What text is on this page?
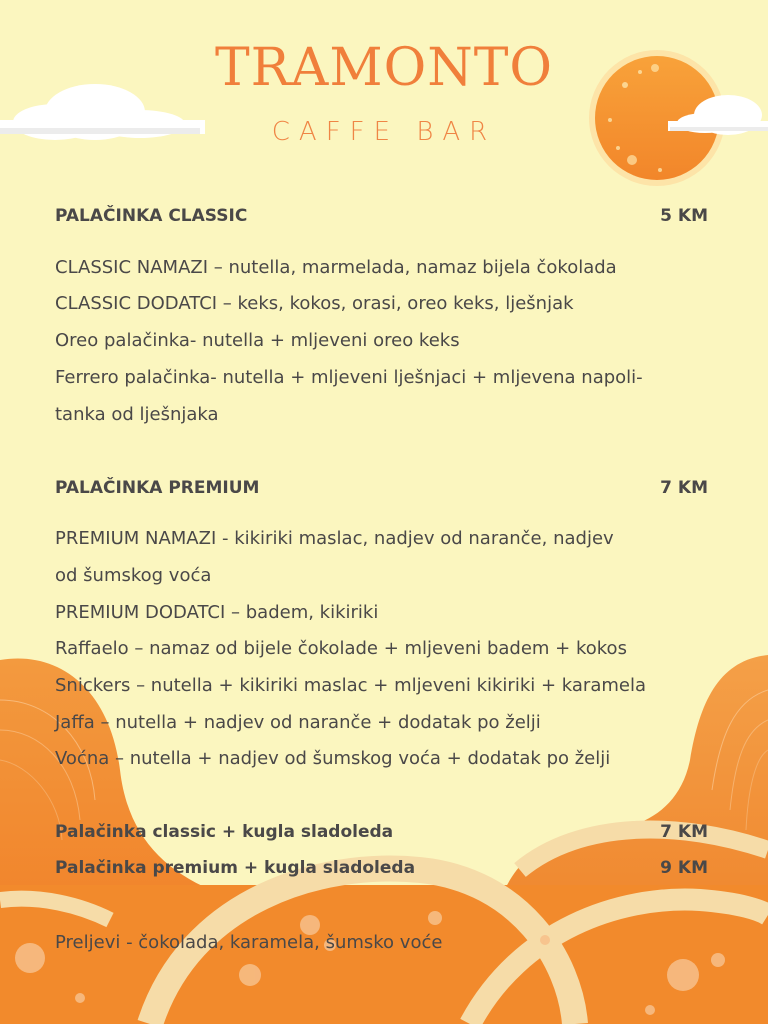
TRAMONTO
CAFFE BAR
PALAČINKA CLASSIC	5 KM
CLASSIC NAMAZI – nutella, marmelada, namaz bijela čokolada
CLASSIC DODATCI – keks, kokos, orasi, oreo keks, lješnjak
Oreo palačinka- nutella + mljeveni oreo keks
Ferrero palačinka- nutella + mljeveni lješnjaci + mljevena napoli-
tanka od lješnjaka
PALAČINKA PREMIUM	7 KM
PREMIUM NAMAZI - kikiriki maslac, nadjev od naranče, nadjev
od šumskog voća
PREMIUM DODATCI – badem, kikiriki
Raffaelo – namaz od bijele čokolade + mljeveni badem + kokos
Snickers – nutella + kikiriki maslac + mljeveni kikiriki + karamela
Jaffa – nutella + nadjev od naranče + dodatak po želji
Voćna – nutella + nadjev od šumskog voća + dodatak po želji
Palačinka classic + kugla sladoleda	7 KM
Palačinka premium + kugla sladoleda	9 KM
Preljevi - čokolada, karamela, šumsko voće
